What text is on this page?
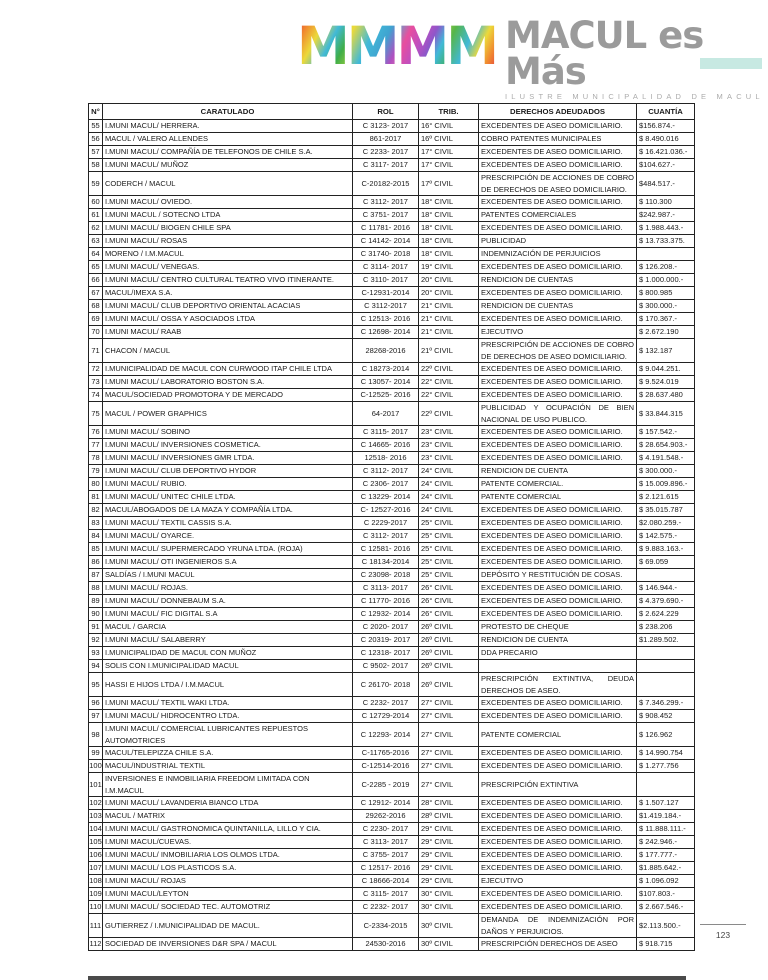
M M M M MACUL es Más
ILUSTRE MUNICIPALIDAD DE MACUL
N°	CARATULADO	ROL	TRIB.	DERECHOS ADEUDADOS	CUANTÍA
55	I.MUNI MACUL/ HERRERA.	C 3123- 2017	16° CIVIL	EXCEDENTES DE ASEO DOMICILIARIO.	$156.874.-
56	MACUL / VALERO ALLENDES	861-2017	16º CIVIL	COBRO PATENTES MUNICIPALES	$ 8.490.016
57	I.MUNI MACUL/ COMPAÑÍA DE TELEFONOS DE CHILE S.A.	C 2233- 2017	17° CIVIL	EXCEDENTES DE ASEO DOMICILIARIO.	$ 16.421.036.-
58	I.MUNI MACUL/ MUÑOZ	C 3117- 2017	17° CIVIL	EXCEDENTES DE ASEO DOMICILIARIO.	$104.627.-
59	CODERCH / MACUL	C-20182-2015	17º CIVIL	PRESCRIPCIÓN DE ACCIONES DE COBRO DE DERECHOS DE ASEO DOMICILIARIO.	$484.517.-
60	I.MUNI MACUL/ OVIEDO.	C 3112- 2017	18° CIVIL	EXCEDENTES DE ASEO DOMICILIARIO.	$ 110.300
61	I.MUNI MACUL / SOTECNO LTDA	C 3751- 2017	18° CIVIL	PATENTES COMERCIALES	$242.987.-
62	I.MUNI MACUL/ BIOGEN CHILE SPA	C 11781- 2016	18° CIVIL	EXCEDENTES DE ASEO DOMICILIARIO.	$ 1.988.443.-
63	I.MUNI MACUL/ ROSAS	C 14142- 2014	18° CIVIL	PUBLICIDAD	$ 13.733.375.
64	MORENO / I.M.MACUL	C 31740- 2018	18° CIVIL	INDEMNIZACIÓN DE PERJUICIOS	
65	I.MUNI MACUL/ VENEGAS.	C 3114- 2017	19° CIVIL	EXCEDENTES DE ASEO DOMICILIARIO.	$ 126.208.-
66	I.MUNI MACUL/ CENTRO CULTURAL TEATRO VIVO ITINERANTE.	C 3110- 2017	20° CIVIL	RENDICION DE CUENTAS	$ 1.000.000.-
67	MACUL/IMEXA S.A.	C-12931-2014	20° CIVIL	EXCEDENTES DE ASEO DOMICILIARIO.	$ 800.985
68	I.MUNI MACUL/ CLUB DEPORTIVO ORIENTAL ACACIAS	C 3112-2017	21° CIVIL	RENDICION DE CUENTAS	$ 300.000.-
69	I.MUNI MACUL/ OSSA Y ASOCIADOS LTDA	C 12513- 2016	21° CIVIL	EXCEDENTES DE ASEO DOMICILIARIO.	$ 170.367.-
70	I.MUNI MACUL/ RAAB	C 12698- 2014	21° CIVIL	EJECUTIVO	$ 2.672.190
71	CHACON / MACUL	28268-2016	21º CIVIL	PRESCRIPCIÓN DE ACCIONES DE COBRO DE DERECHOS DE ASEO DOMICILIARIO.	$ 132.187
72	I.MUNICIPALIDAD DE MACUL CON CURWOOD ITAP CHILE LTDA	C 18273-2014	22º CIVIL	EXCEDENTES DE ASEO DOMICILIARIO.	$ 9.044.251.
73	I.MUNI MACUL/ LABORATORIO BOSTON S.A.	C 13057- 2014	22° CIVIL	EXCEDENTES DE ASEO DOMICILIARIO.	$ 9.524.019
74	MACUL/SOCIEDAD PROMOTORA Y DE MERCADO	C-12525- 2016	22° CIVIL	EXCEDENTES DE ASEO DOMICILIARIO.	$ 28.637.480
75	MACUL / POWER GRAPHICS	64-2017	22º CIVIL	PUBLICIDAD Y OCUPACIÓN DE BIEN NACIONAL DE USO PUBLICO.	$ 33.844.315
76	I.MUNI MACUL/ SOBINO	C 3115- 2017	23° CIVIL	EXCEDENTES DE ASEO DOMICILIARIO.	$ 157.542.-
77	I.MUNI MACUL/ INVERSIONES COSMETICA.	C 14665- 2016	23° CIVIL	EXCEDENTES DE ASEO DOMICILIARIO.	$ 28.654.903.-
78	I.MUNI MACUL/ INVERSIONES GMR LTDA.	12518- 2016	23° CIVIL	EXCEDENTES DE ASEO DOMICILIARIO.	$ 4.191.548.-
79	I.MUNI MACUL/ CLUB DEPORTIVO HYDOR	C 3112- 2017	24° CIVIL	RENDICION DE CUENTA	$ 300.000.-
80	I.MUNI MACUL/ RUBIO.	C 2306- 2017	24° CIVIL	PATENTE COMERCIAL.	$ 15.009.896.-
81	I.MUNI MACUL/ UNITEC CHILE LTDA.	C 13229- 2014	24° CIVIL	PATENTE COMERCIAL	$ 2.121.615
82	MACUL/ABOGADOS DE LA MAZA Y COMPAÑÍA LTDA.	C- 12527-2016	24° CIVIL	EXCEDENTES DE ASEO DOMICILIARIO.	$ 35.015.787
83	I.MUNI MACUL/ TEXTIL CASSIS S.A.	C 2229-2017	25° CIVIL	EXCEDENTES DE ASEO DOMICILIARIO.	$2.080.259.-
84	I.MUNI MACUL/ OYARCE.	C 3112- 2017	25° CIVIL	EXCEDENTES DE ASEO DOMICILIARIO.	$ 142.575.-
85	I.MUNI MACUL/ SUPERMERCADO YRUNA LTDA. (ROJA)	C 12581- 2016	25° CIVIL	EXCEDENTES DE ASEO DOMICILIARIO.	$ 9.883.163.-
86	I.MUNI MACUL/ OTI INGENIEROS S.A	C 18134-2014	25° CIVIL	EXCEDENTES DE ASEO DOMICILIARIO.	$ 69.059
87	SALDÍAS / I.MUNI MACUL	C 23098- 2018	25° CIVIL	DEPÓSITO Y RESTITUCIÓN DE COSAS.	
88	I.MUNI MACUL/ ROJAS.	C 3113- 2017	26° CIVIL	EXCEDENTES DE ASEO DOMICILIARIO.	$ 146.944.-
89	I.MUNI MACUL/ DONNEBAUM S.A.	C 11770- 2016	26° CIVIL	EXCEDENTES DE ASEO DOMICILIARIO.	$ 4.379.690.-
90	I.MUNI MACUL/ FIC DIGITAL S.A	C 12932- 2014	26° CIVIL	EXCEDENTES DE ASEO DOMICILIARIO.	$ 2.624.229
91	MACUL / GARCIA	C 2020- 2017	26º CIVIL	PROTESTO DE CHEQUE	$ 238.206
92	I.MUNI MACUL/ SALABERRY	C 20319- 2017	26º CIVIL	RENDICION DE CUENTA	$1.289.502.
93	I.MUNICIPALIDAD DE MACUL CON MUÑOZ	C 12318- 2017	26º CIVIL	DDA PRECARIO	
94	SOLIS CON I.MUNICIPALIDAD MACUL	C 9502- 2017	26º CIVIL		
95	HASSI E HIJOS LTDA / I.M.MACUL	C 26170- 2018	26º CIVIL	PRESCRIPCIÓN EXTINTIVA, DEUDA DERECHOS DE ASEO.	
96	I.MUNI MACUL/ TEXTIL WAKI LTDA.	C 2232- 2017	27° CIVIL	EXCEDENTES DE ASEO DOMICILIARIO.	$ 7.346.299.-
97	I.MUNI MACUL/ HIDROCENTRO LTDA.	C 12729-2014	27° CIVIL	EXCEDENTES DE ASEO DOMICILIARIO.	$ 908.452
98	I.MUNI MACUL/ COMERCIAL LUBRICANTES REPUESTOS AUTOMOTRICES	C 12293- 2014	27° CIVIL	PATENTE COMERCIAL	$ 126.962
99	MACUL/TELEPIZZA CHILE S.A.	C-11765-2016	27° CIVIL	EXCEDENTES DE ASEO DOMICILIARIO.	$ 14.990.754
100	MACUL/INDUSTRIAL TEXTIL	C-12514-2016	27° CIVIL	EXCEDENTES DE ASEO DOMICILIARIO.	$ 1.277.756
101	INVERSIONES E INMOBILIARIA FREEDOM LIMITADA CON I.M.MACUL	C-2285 - 2019	27° CIVIL	PRESCRIPCIÓN EXTINTIVA	
102	I.MUNI MACUL/ LAVANDERIA BIANCO LTDA	C 12912- 2014	28° CIVIL	EXCEDENTES DE ASEO DOMICILIARIO.	$ 1.507.127
103	MACUL / MATRIX	29262-2016	28º CIVIL	EXCEDENTES DE ASEO DOMICILIARIO.	$1.419.184.-
104	I.MUNI MACUL/ GASTRONOMICA QUINTANILLA, LILLO Y CIA.	C 2230- 2017	29° CIVIL	EXCEDENTES DE ASEO DOMICILIARIO.	$ 11.888.111.-
105	I.MUNI MACUL/CUEVAS.	C 3113- 2017	29° CIVIL	EXCEDENTES DE ASEO DOMICILIARIO.	$ 242.946.-
106	I.MUNI MACUL/ INMOBILIARIA LOS OLMOS LTDA.	C 3755- 2017	29° CIVIL	EXCEDENTES DE ASEO DOMICILIARIO.	$ 177.777.-
107	I.MUNI MACUL/ LOS PLASTICOS S.A.	C 12517- 2016	29° CIVIL	EXCEDENTES DE ASEO DOMICILIARIO.	$1.885.642.-
108	I.MUNI MACUL/ ROJAS	C 18666-2014	29° CIVIL	EJECUTIVO	$ 1.096.092
109	I.MUNI MACUL/LEYTON	C 3115- 2017	30° CIVIL	EXCEDENTES DE ASEO DOMICILIARIO.	$107.803.-
110	I.MUNI MACUL/ SOCIEDAD TEC. AUTOMOTRIZ	C 2232- 2017	30° CIVIL	EXCEDENTES DE ASEO DOMICILIARIO.	$ 2.667.546.-
111	GUTIERREZ / I.MUNICIPALIDAD DE MACUL.	C-2334-2015	30º CIVIL	DEMANDA DE INDEMNIZACIÓN POR DAÑOS Y PERJUICIOS.	$2.113.500.-
112	SOCIEDAD DE INVERSIONES D&R SPA / MACUL	24530-2016	30º CIVIL	PRESCRIPCIÓN DERECHOS DE ASEO	$ 918.715
123
